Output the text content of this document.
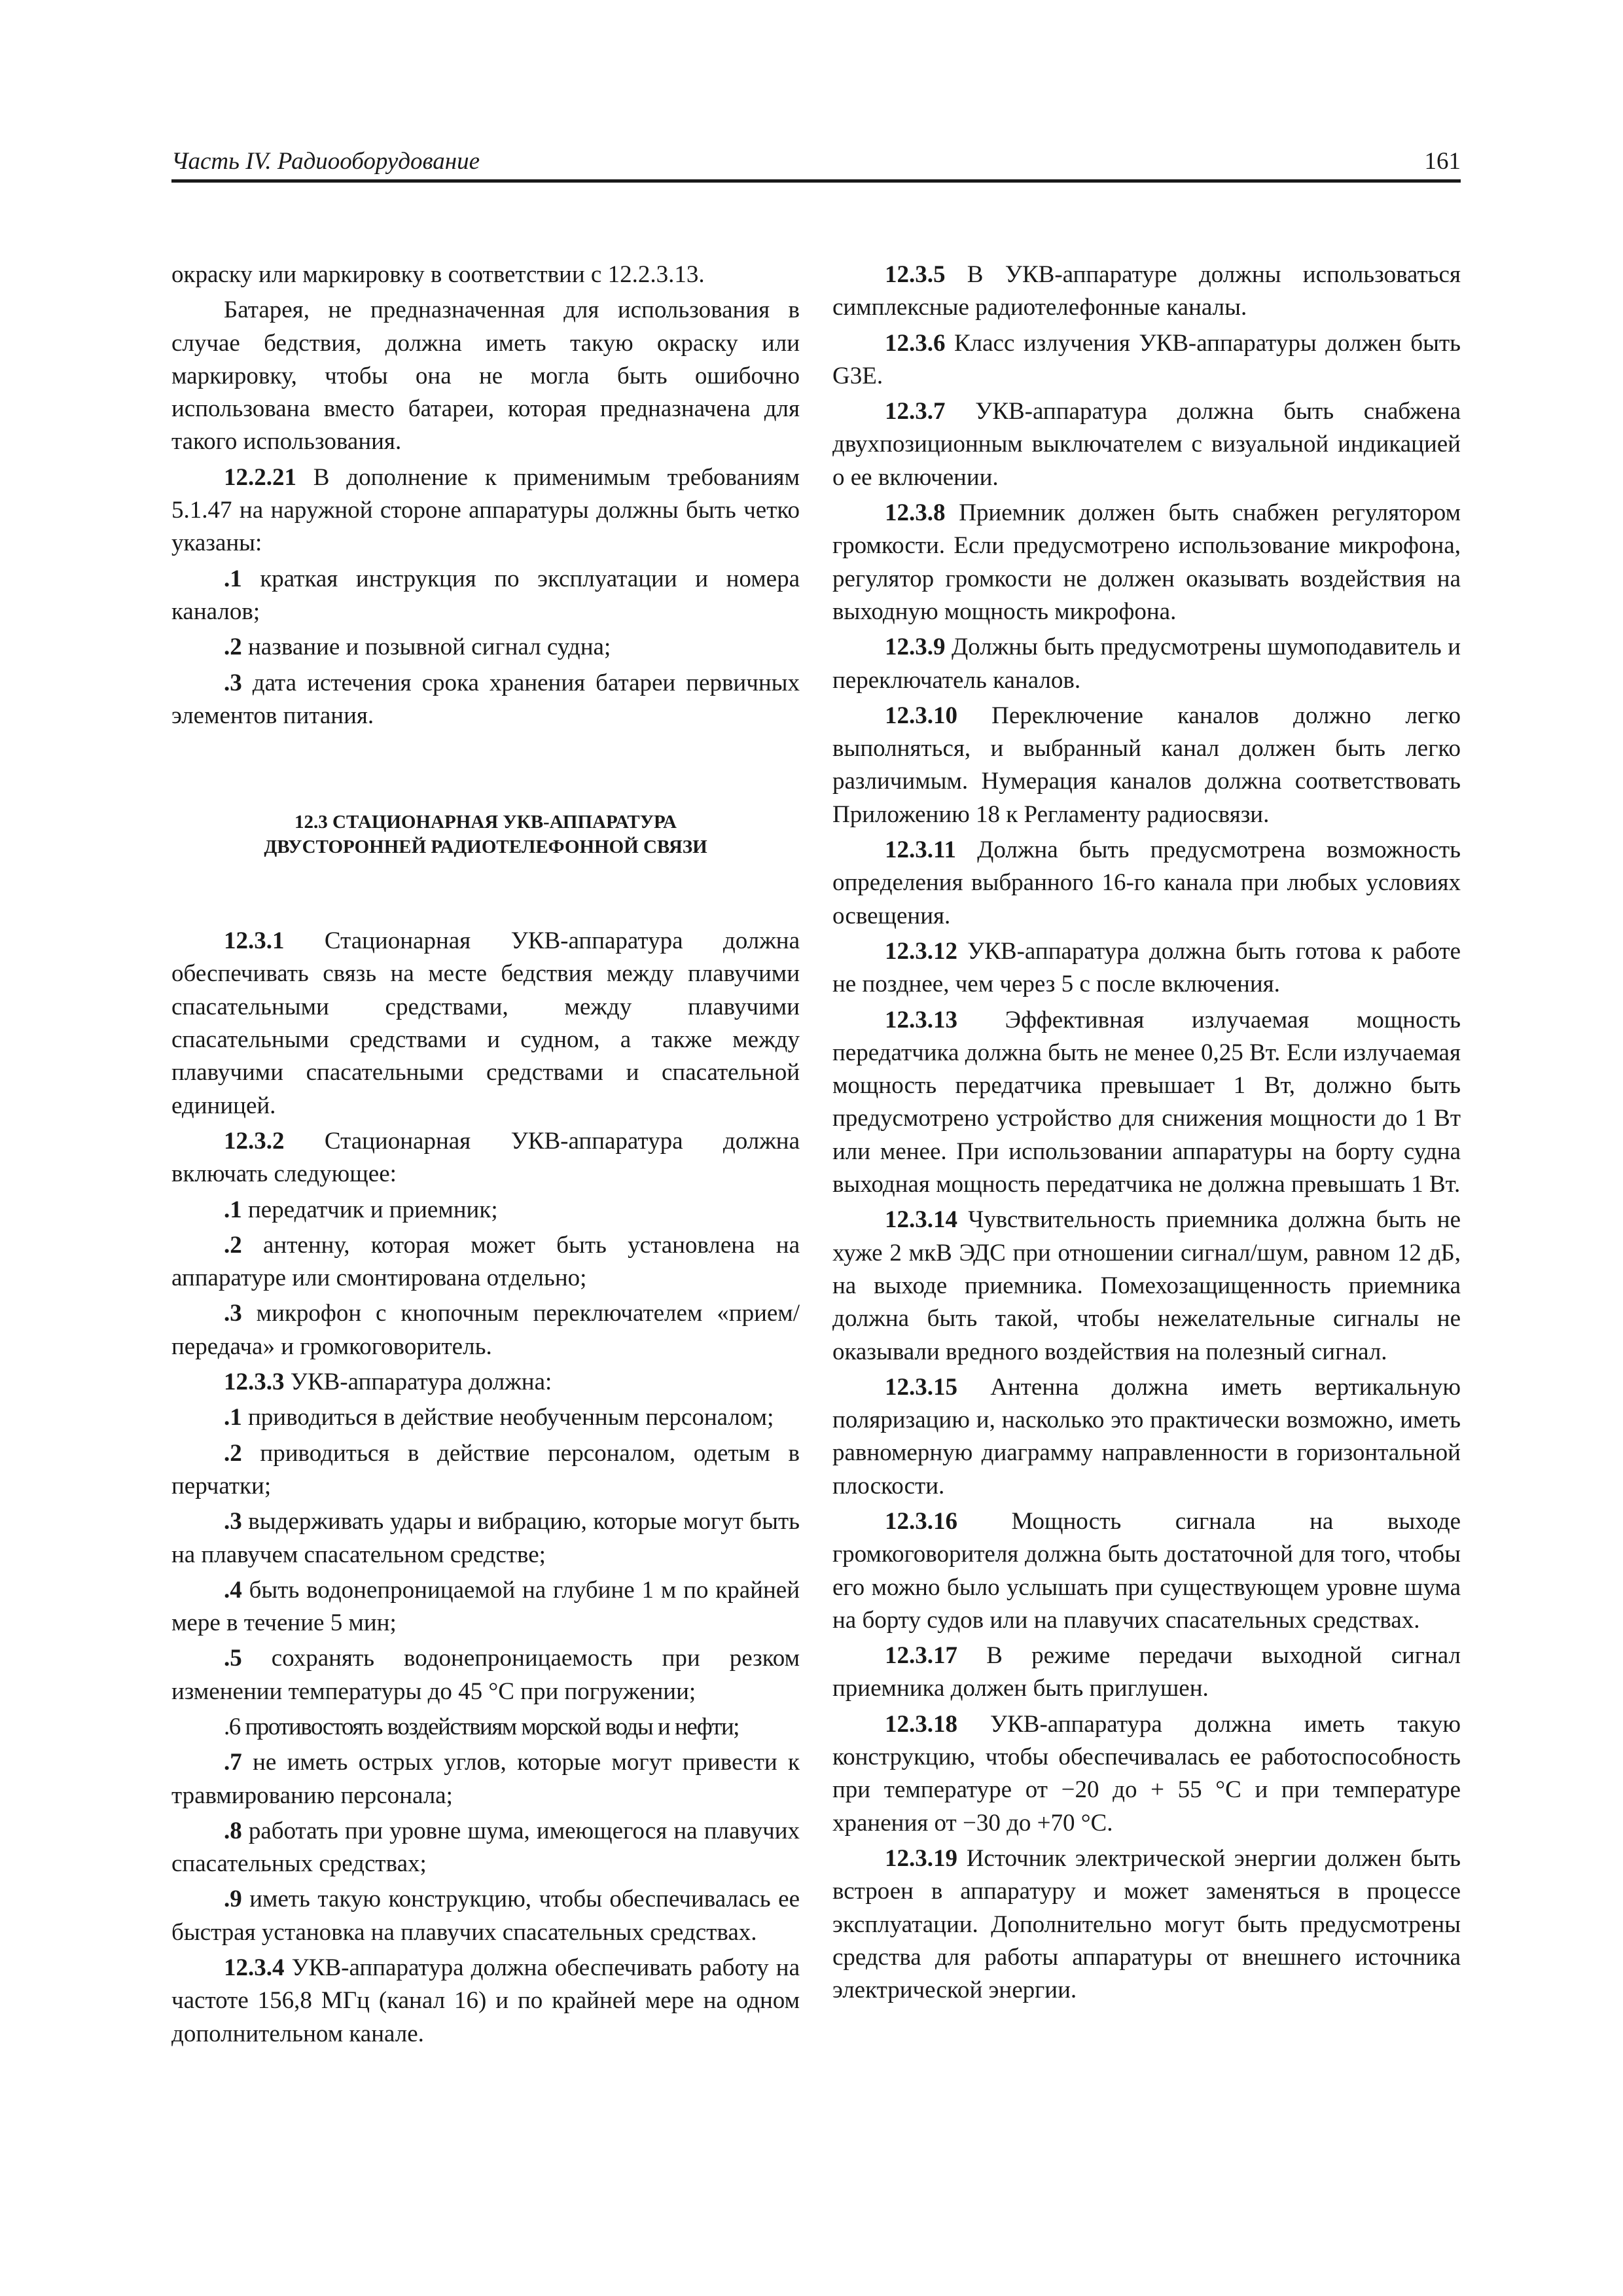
Часть IV. Радиооборудование	161

окраску или маркировку в соответствии с 12.2.3.13.

Батарея, не предназначенная для использования в случае бедствия, должна иметь такую окраску или маркировку, чтобы она не могла быть ошибочно использована вместо батареи, которая предназначена для такого использования.

12.2.21 В дополнение к применимым требованиям 5.1.47 на наружной стороне аппаратуры должны быть четко указаны:

.1 краткая инструкция по эксплуатации и номера каналов;

.2 название и позывной сигнал судна;

.3 дата истечения срока хранения батареи первичных элементов питания.

12.3 СТАЦИОНАРНАЯ УКВ-АППАРАТУРА
ДВУСТОРОННЕЙ РАДИОТЕЛЕФОННОЙ СВЯЗИ

12.3.1 Стационарная УКВ-аппаратура должна обеспечивать связь на месте бедствия между плавучими спасательными средствами, между плавучими спасательными средствами и судном, а также между плавучими спасательными средствами и спасательной единицей.

12.3.2 Стационарная УКВ-аппаратура должна включать следующее:

.1 передатчик и приемник;

.2 антенну, которая может быть установлена на аппаратуре или смонтирована отдельно;

.3 микрофон с кнопочным переключателем «прием/передача» и громкоговоритель.

12.3.3 УКВ-аппаратура должна:

.1 приводиться в действие необученным персоналом;

.2 приводиться в действие персоналом, одетым в перчатки;

.3 выдерживать удары и вибрацию, которые могут быть на плавучем спасательном средстве;

.4 быть водонепроницаемой на глубине 1 м по крайней мере в течение 5 мин;

.5 сохранять водонепроницаемость при резком изменении температуры до 45 °C при погружении;

.6 противостоять воздействиям морской воды и нефти;

.7 не иметь острых углов, которые могут привести к травмированию персонала;

.8 работать при уровне шума, имеющегося на плавучих спасательных средствах;

.9 иметь такую конструкцию, чтобы обеспечивалась ее быстрая установка на плавучих спасательных средствах.

12.3.4 УКВ-аппаратура должна обеспечивать работу на частоте 156,8 МГц (канал 16) и по крайней мере на одном дополнительном канале.

12.3.5 В УКВ-аппаратуре должны использоваться симплексные радиотелефонные каналы.

12.3.6 Класс излучения УКВ-аппаратуры должен быть G3E.

12.3.7 УКВ-аппаратура должна быть снабжена двухпозиционным выключателем с визуальной индикацией о ее включении.

12.3.8 Приемник должен быть снабжен регулятором громкости. Если предусмотрено использование микрофона, регулятор громкости не должен оказывать воздействия на выходную мощность микрофона.

12.3.9 Должны быть предусмотрены шумоподавитель и переключатель каналов.

12.3.10 Переключение каналов должно легко выполняться, и выбранный канал должен быть легко различимым. Нумерация каналов должна соответствовать Приложению 18 к Регламенту радиосвязи.

12.3.11 Должна быть предусмотрена возможность определения выбранного 16-го канала при любых условиях освещения.

12.3.12 УКВ-аппаратура должна быть готова к работе не позднее, чем через 5 с после включения.

12.3.13 Эффективная излучаемая мощность передатчика должна быть не менее 0,25 Вт. Если излучаемая мощность передатчика превышает 1 Вт, должно быть предусмотрено устройство для снижения мощности до 1 Вт или менее. При использовании аппаратуры на борту судна выходная мощность передатчика не должна превышать 1 Вт.

12.3.14 Чувствительность приемника должна быть не хуже 2 мкВ ЭДС при отношении сигнал/шум, равном 12 дБ, на выходе приемника. Помехозащищенность приемника должна быть такой, чтобы нежелательные сигналы не оказывали вредного воздействия на полезный сигнал.

12.3.15 Антенна должна иметь вертикальную поляризацию и, насколько это практически возможно, иметь равномерную диаграмму направленности в горизонтальной плоскости.

12.3.16 Мощность сигнала на выходе громкоговорителя должна быть достаточной для того, чтобы его можно было услышать при существующем уровне шума на борту судов или на плавучих спасательных средствах.

12.3.17 В режиме передачи выходной сигнал приемника должен быть приглушен.

12.3.18 УКВ-аппаратура должна иметь такую конструкцию, чтобы обеспечивалась ее работоспособность при температуре от −20 до + 55 °C и при температуре хранения от −30 до +70 °C.

12.3.19 Источник электрической энергии должен быть встроен в аппаратуру и может заменяться в процессе эксплуатации. Дополнительно могут быть предусмотрены средства для работы аппаратуры от внешнего источника электрической энергии.
